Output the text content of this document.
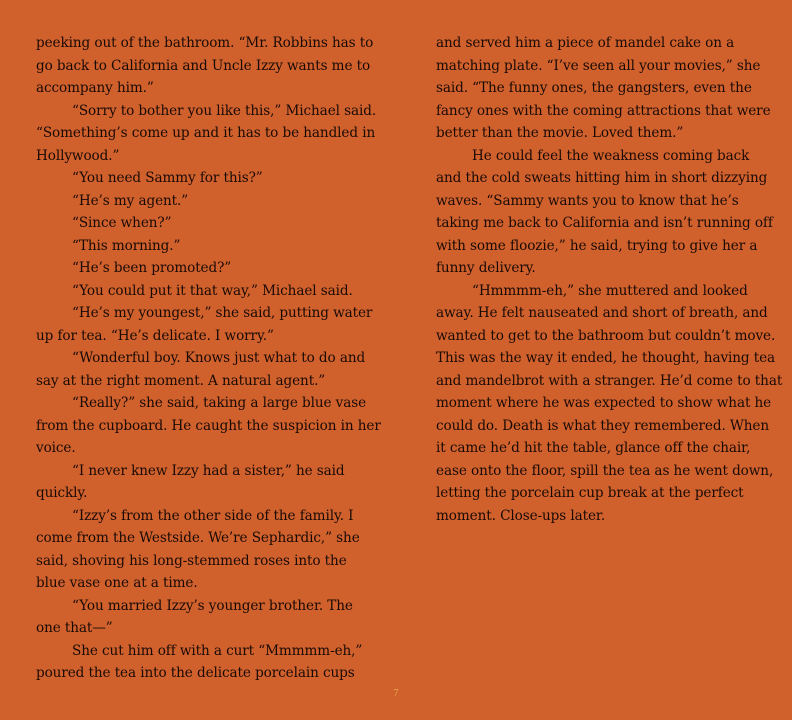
peeking out of the bathroom. “Mr. Robbins has to
go back to California and Uncle Izzy wants me to
accompany him.”
“Sorry to bother you like this,” Michael said.
“Something’s come up and it has to be handled in
Hollywood.”
“You need Sammy for this?”
“He’s my agent.”
“Since when?”
“This morning.”
“He’s been promoted?”
“You could put it that way,” Michael said.
“He’s my youngest,” she said, putting water
up for tea. “He’s delicate. I worry.”
“Wonderful boy. Knows just what to do and
say at the right moment. A natural agent.”
“Really?” she said, taking a large blue vase
from the cupboard. He caught the suspicion in her
voice.
“I never knew Izzy had a sister,” he said
quickly.
“Izzy’s from the other side of the family. I
come from the Westside. We’re Sephardic,” she
said, shoving his long-stemmed roses into the
blue vase one at a time.
“You married Izzy’s younger brother. The
one that—”
She cut him off with a curt “Mmmmm-eh,”
poured the tea into the delicate porcelain cups
and served him a piece of mandel cake on a
matching plate. “I’ve seen all your movies,” she
said. “The funny ones, the gangsters, even the
fancy ones with the coming attractions that were
better than the movie. Loved them.”
He could feel the weakness coming back
and the cold sweats hitting him in short dizzying
waves. “Sammy wants you to know that he’s
taking me back to California and isn’t running off
with some floozie,” he said, trying to give her a
funny delivery.
“Hmmmm-eh,” she muttered and looked
away. He felt nauseated and short of breath, and
wanted to get to the bathroom but couldn’t move.
This was the way it ended, he thought, having tea
and mandelbrot with a stranger. He’d come to that
moment where he was expected to show what he
could do. Death is what they remembered. When
it came he’d hit the table, glance off the chair,
ease onto the floor, spill the tea as he went down,
letting the porcelain cup break at the perfect
moment. Close-ups later.
7
